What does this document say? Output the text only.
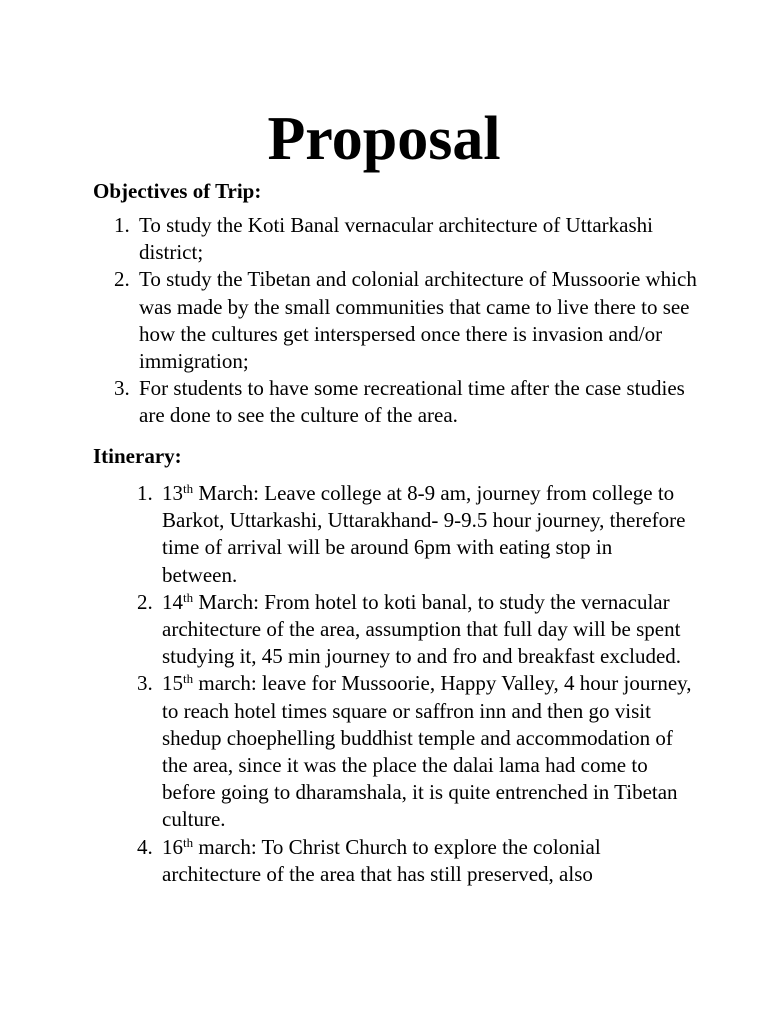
Proposal
Objectives of Trip:
1. To study the Koti Banal vernacular architecture of Uttarkashi district;
2. To study the Tibetan and colonial architecture of Mussoorie which was made by the small communities that came to live there to see how the cultures get interspersed once there is invasion and/or immigration;
3. For students to have some recreational time after the case studies are done to see the culture of the area.
Itinerary:
1. 13th March: Leave college at 8-9 am, journey from college to Barkot, Uttarkashi, Uttarakhand- 9-9.5 hour journey, therefore time of arrival will be around 6pm with eating stop in between.
2. 14th March: From hotel to koti banal, to study the vernacular architecture of the area, assumption that full day will be spent studying it, 45 min journey to and fro and breakfast excluded.
3. 15th march: leave for Mussoorie, Happy Valley, 4 hour journey, to reach hotel times square or saffron inn and then go visit shedup choephelling buddhist temple and accommodation of the area, since it was the place the dalai lama had come to before going to dharamshala, it is quite entrenched in Tibetan culture.
4. 16th march: To Christ Church to explore the colonial architecture of the area that has still preserved, also
